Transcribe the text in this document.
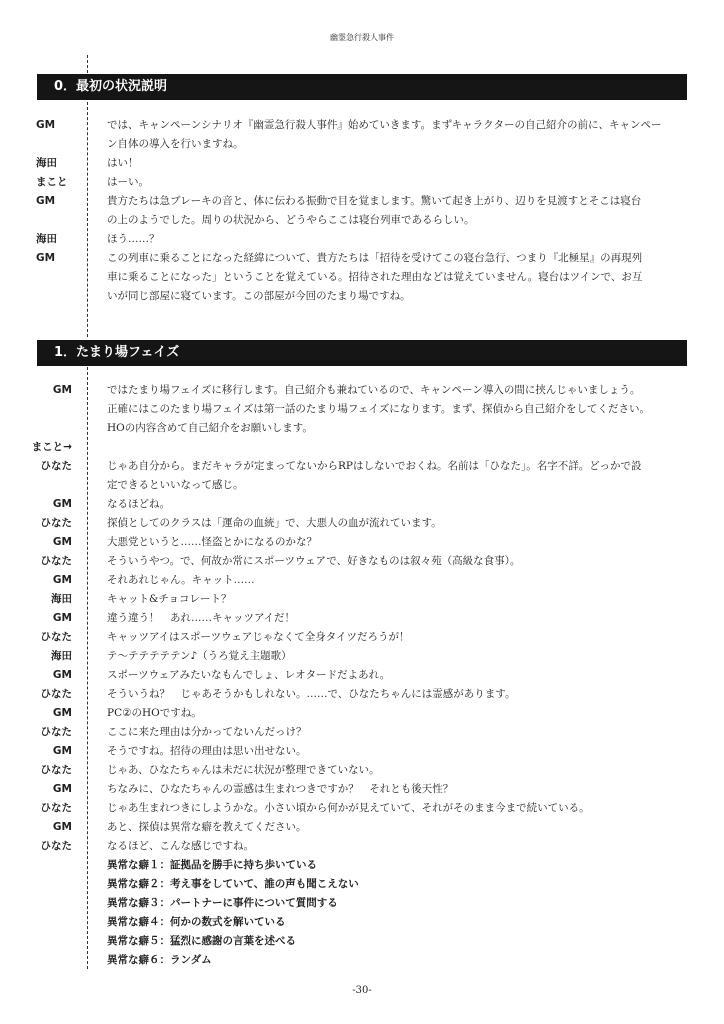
幽霊急行殺人事件
0．最初の状況説明
1．たまり場フェイズ
GM	では、キャンペーンシナリオ『幽霊急行殺人事件』始めていきます。まずキャラクターの自己紹介の前に、キャンペー
ン自体の導入を行いますね。
海田	はい！
まこと	はーい。
GM	貴方たちは急ブレーキの音と、体に伝わる振動で目を覚まします。驚いて起き上がり、辺りを見渡すとそこは寝台
の上のようでした。周りの状況から、どうやらここは寝台列車であるらしい。
海田	ほう……？
GM	この列車に乗ることになった経緯について、貴方たちは「招待を受けてこの寝台急行、つまり『北極星』の再現列
車に乗ることになった」ということを覚えている。招待された理由などは覚えていません。寝台はツインで、お互
いが同じ部屋に寝ています。この部屋が今回のたまり場ですね。
GM	ではたまり場フェイズに移行します。自己紹介も兼ねているので、キャンペーン導入の間に挟んじゃいましょう。
正確にはこのたまり場フェイズは第一話のたまり場フェイズになります。まず、探偵から自己紹介をしてください。
HOの内容含めて自己紹介をお願いします。
まこと→
ひなた	じゃあ自分から。まだキャラが定まってないからRPはしないでおくね。名前は「ひなた」。名字不詳。どっかで設
定できるといいなって感じ。
GM	なるほどね。
ひなた	探偵としてのクラスは「運命の血統」で、大悪人の血が流れています。
GM	大悪党というと……怪盗とかになるのかな？
ひなた	そういうやつ。で、何故か常にスポーツウェアで、好きなものは叙々苑（高級な食事）。
GM	それあれじゃん。キャット……
海田	キャット&チョコレート？
GM	違う違う！　あれ……キャッツアイだ！
ひなた	キャッツアイはスポーツウェアじゃなくて全身タイツだろうが！
海田	テ～テテテテテン♪（うろ覚え主題歌）
GM	スポーツウェアみたいなもんでしょ、レオタードだよあれ。
ひなた	そういうね？　じゃあそうかもしれない。……で、ひなたちゃんには霊感があります。
GM	PC②のHOですね。
ひなた	ここに来た理由は分かってないんだっけ？
GM	そうですね。招待の理由は思い出せない。
ひなた	じゃあ、ひなたちゃんは未だに状況が整理できていない。
GM	ちなみに、ひなたちゃんの霊感は生まれつきですか？　それとも後天性？
ひなた	じゃあ生まれつきにしようかな。小さい頃から何かが見えていて、それがそのまま今まで続いている。
GM	あと、探偵は異常な癖を教えてください。
ひなた	なるほど、こんな感じですね。
異常な癖１：証拠品を勝手に持ち歩いている
異常な癖２：考え事をしていて、誰の声も聞こえない
異常な癖３：パートナーに事件について質問する
異常な癖４：何かの数式を解いている
異常な癖５：猛烈に感謝の言葉を述べる
異常な癖６：ランダム
-30-
